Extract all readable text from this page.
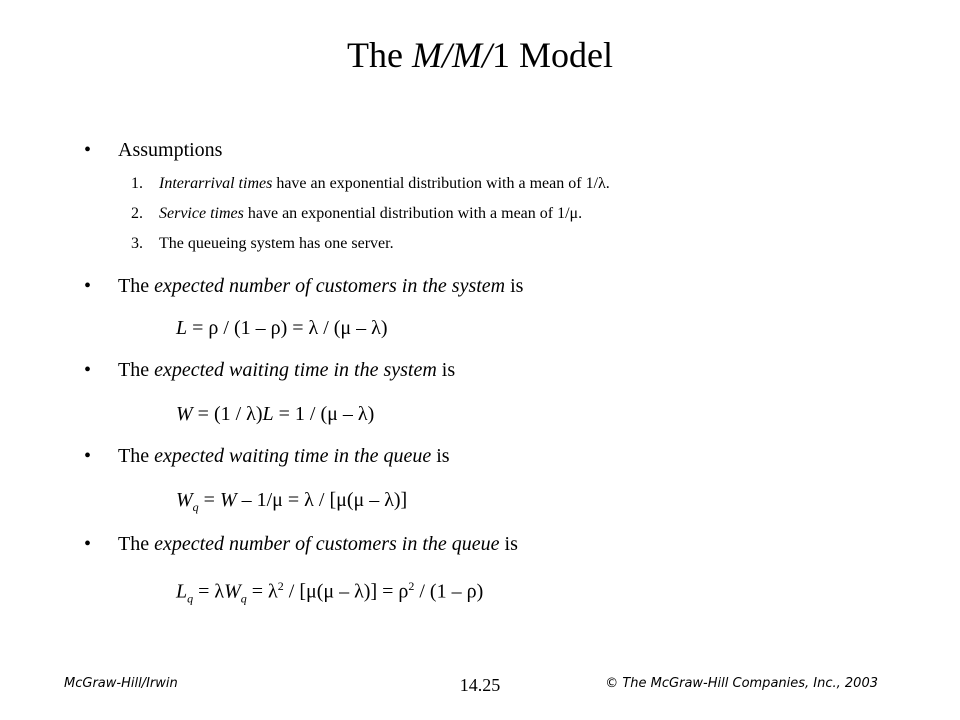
The M/M/1 Model
• Assumptions
1. Interarrival times have an exponential distribution with a mean of 1/λ.
2. Service times have an exponential distribution with a mean of 1/μ.
3. The queueing system has one server.
• The expected number of customers in the system is
L = ρ / (1 – ρ) = λ / (μ – λ)
• The expected waiting time in the system is
W = (1 / λ)L = 1 / (μ – λ)
• The expected waiting time in the queue is
$W_q = W - 1/\mu = \lambda / [\mu(\mu - \lambda)]$
• The expected number of customers in the queue is
$L_q = \lambda W_q = \lambda^2 / [\mu(\mu - \lambda)] = \rho^2 / (1 - \rho)$
McGraw-Hill/Irwin	14.25	© The McGraw-Hill Companies, Inc., 2003
